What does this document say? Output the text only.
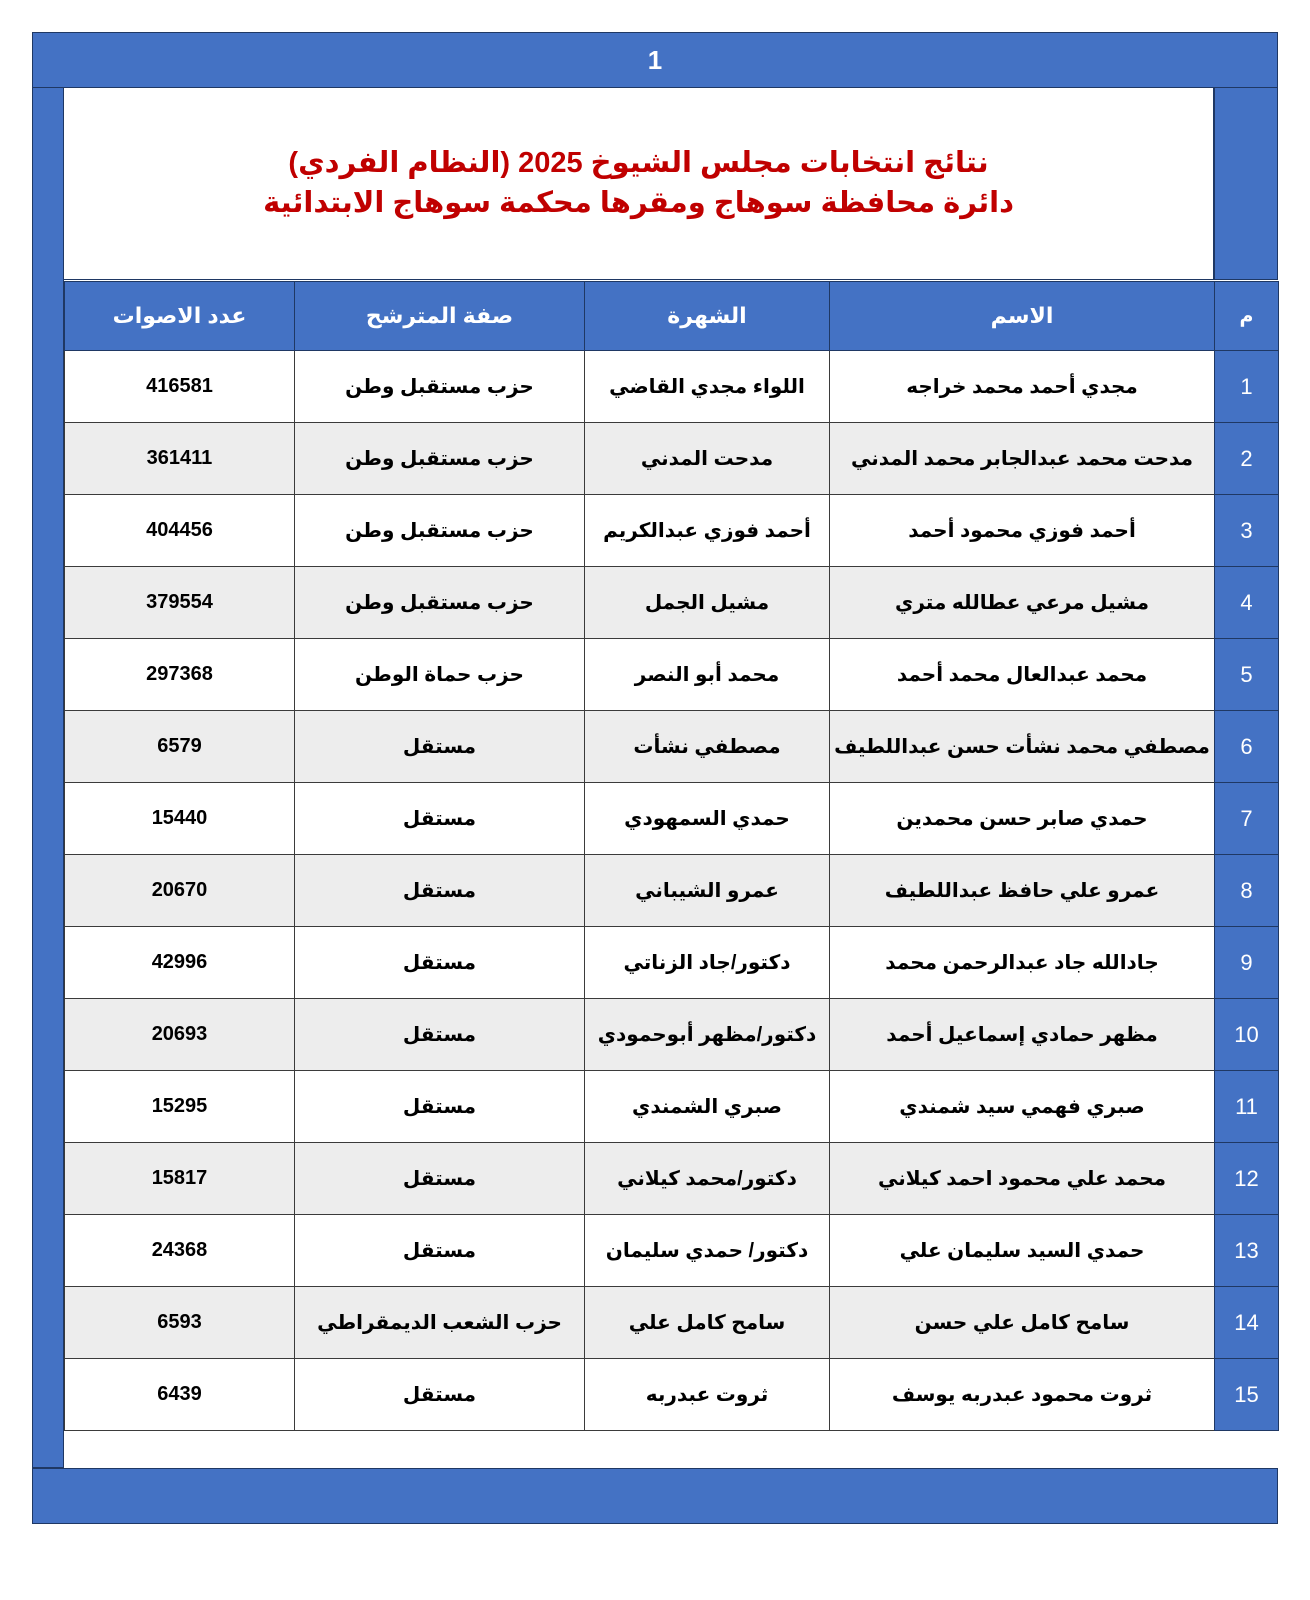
1
نتائج انتخابات مجلس الشيوخ 2025 (النظام الفردي)
دائرة محافظة سوهاج ومقرها محكمة سوهاج الابتدائية
م	الاسم	الشهرة	صفة المترشح	عدد الاصوات
1	مجدي أحمد محمد خراجه	اللواء مجدي القاضي	حزب مستقبل وطن	416581
2	مدحت محمد عبدالجابر محمد المدني	مدحت المدني	حزب مستقبل وطن	361411
3	أحمد فوزي محمود أحمد	أحمد فوزي عبدالكريم	حزب مستقبل وطن	404456
4	مشيل مرعي عطالله متري	مشيل الجمل	حزب مستقبل وطن	379554
5	محمد عبدالعال محمد أحمد	محمد أبو النصر	حزب حماة الوطن	297368
6	مصطفي محمد نشأت حسن عبداللطيف	مصطفي نشأت	مستقل	6579
7	حمدي صابر حسن محمدين	حمدي السمهودي	مستقل	15440
8	عمرو علي حافظ عبداللطيف	عمرو الشيباني	مستقل	20670
9	جادالله جاد عبدالرحمن محمد	دكتور/جاد الزناتي	مستقل	42996
10	مظهر حمادي إسماعيل أحمد	دكتور/مظهر أبوحمودي	مستقل	20693
11	صبري فهمي سيد شمندي	صبري الشمندي	مستقل	15295
12	محمد علي محمود احمد كيلاني	دكتور/محمد كيلاني	مستقل	15817
13	حمدي السيد سليمان علي	دكتور/ حمدي سليمان	مستقل	24368
14	سامح كامل علي حسن	سامح كامل علي	حزب الشعب الديمقراطي	6593
15	ثروت محمود عبدربه يوسف	ثروت عبدربه	مستقل	6439
